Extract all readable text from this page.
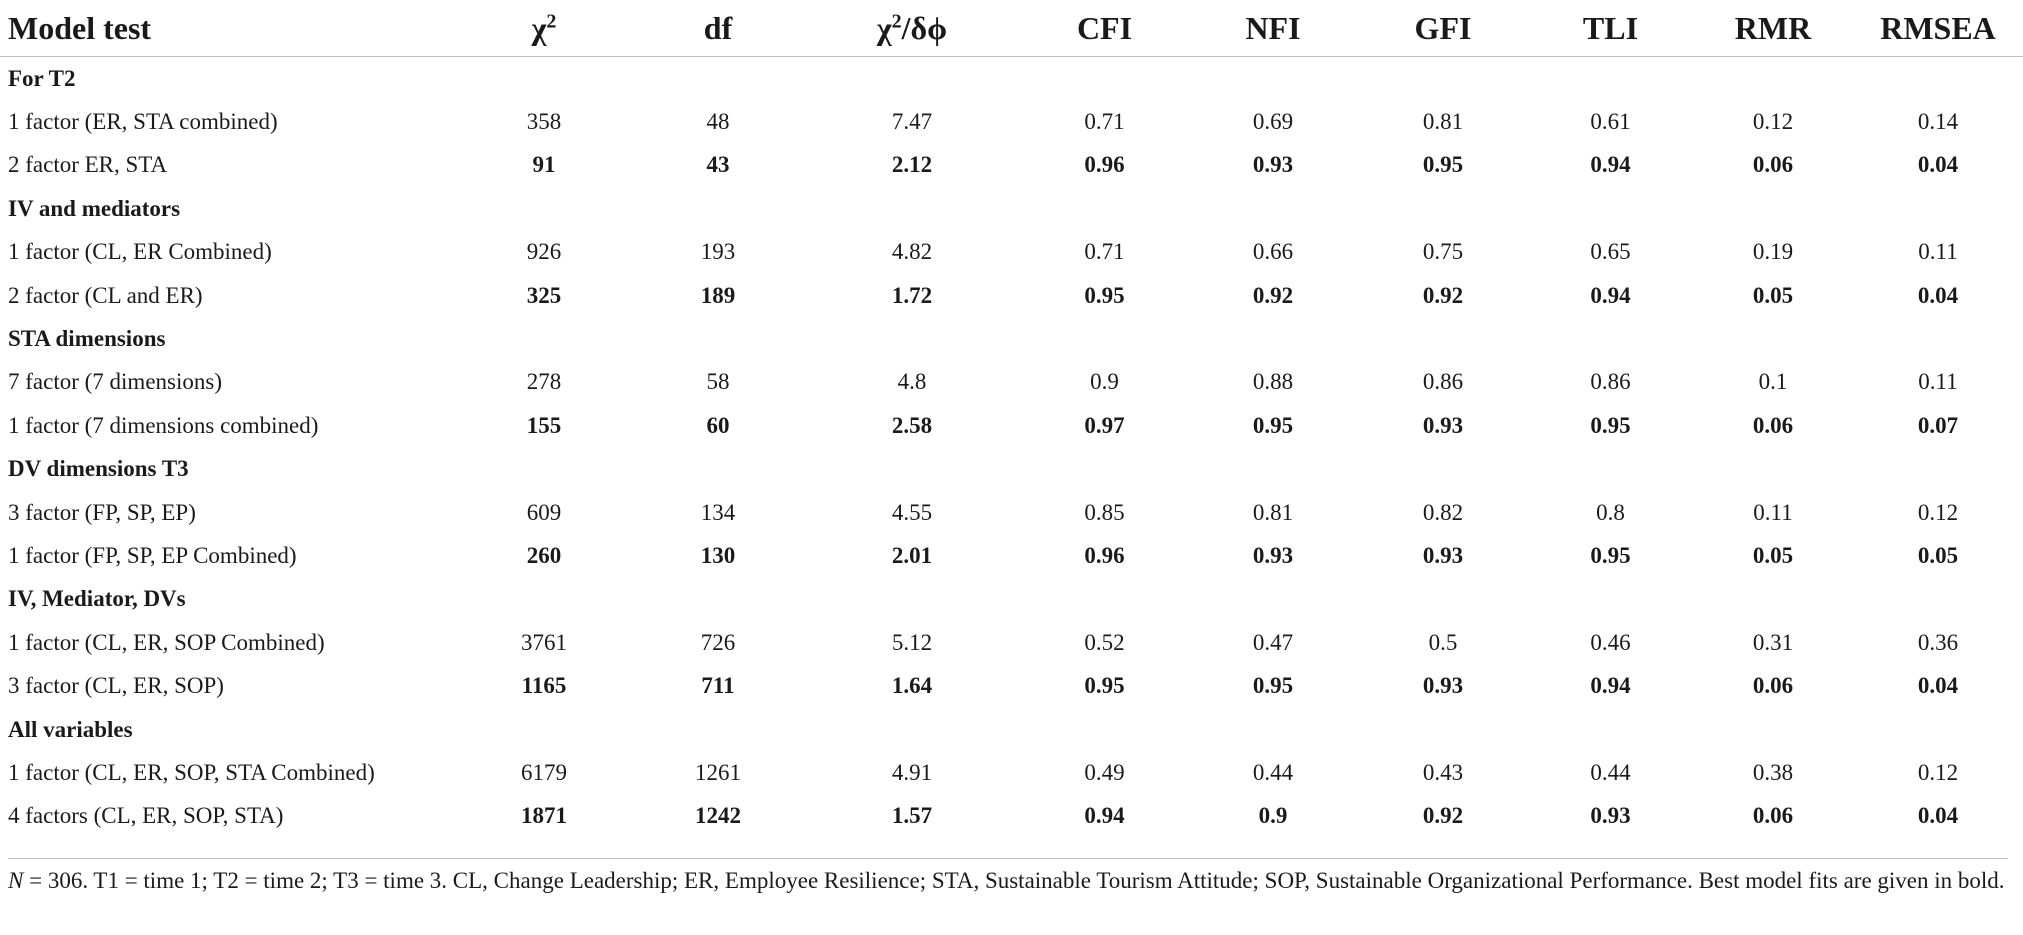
Model test	$\chi^2$	df	$\chi^2/\delta\phi$	CFI	NFI	GFI	TLI	RMR	RMSEA
For T2									
1 factor (ER, STA combined)	358	48	7.47	0.71	0.69	0.81	0.61	0.12	0.14
2 factor ER, STA	91	43	2.12	0.96	0.93	0.95	0.94	0.06	0.04
IV and mediators									
1 factor (CL, ER Combined)	926	193	4.82	0.71	0.66	0.75	0.65	0.19	0.11
2 factor (CL and ER)	325	189	1.72	0.95	0.92	0.92	0.94	0.05	0.04
STA dimensions									
7 factor (7 dimensions)	278	58	4.8	0.9	0.88	0.86	0.86	0.1	0.11
1 factor (7 dimensions combined)	155	60	2.58	0.97	0.95	0.93	0.95	0.06	0.07
DV dimensions T3									
3 factor (FP, SP, EP)	609	134	4.55	0.85	0.81	0.82	0.8	0.11	0.12
1 factor (FP, SP, EP Combined)	260	130	2.01	0.96	0.93	0.93	0.95	0.05	0.05
IV, Mediator, DVs									
1 factor (CL, ER, SOP Combined)	3761	726	5.12	0.52	0.47	0.5	0.46	0.31	0.36
3 factor (CL, ER, SOP)	1165	711	1.64	0.95	0.95	0.93	0.94	0.06	0.04
All variables									
1 factor (CL, ER, SOP, STA Combined)	6179	1261	4.91	0.49	0.44	0.43	0.44	0.38	0.12
4 factors (CL, ER, SOP, STA)	1871	1242	1.57	0.94	0.9	0.92	0.93	0.06	0.04
N = 306. T1 = time 1; T2 = time 2; T3 = time 3. CL, Change Leadership; ER, Employee Resilience; STA, Sustainable Tourism Attitude; SOP, Sustainable Organizational Performance. Best model fits are given in bold.
